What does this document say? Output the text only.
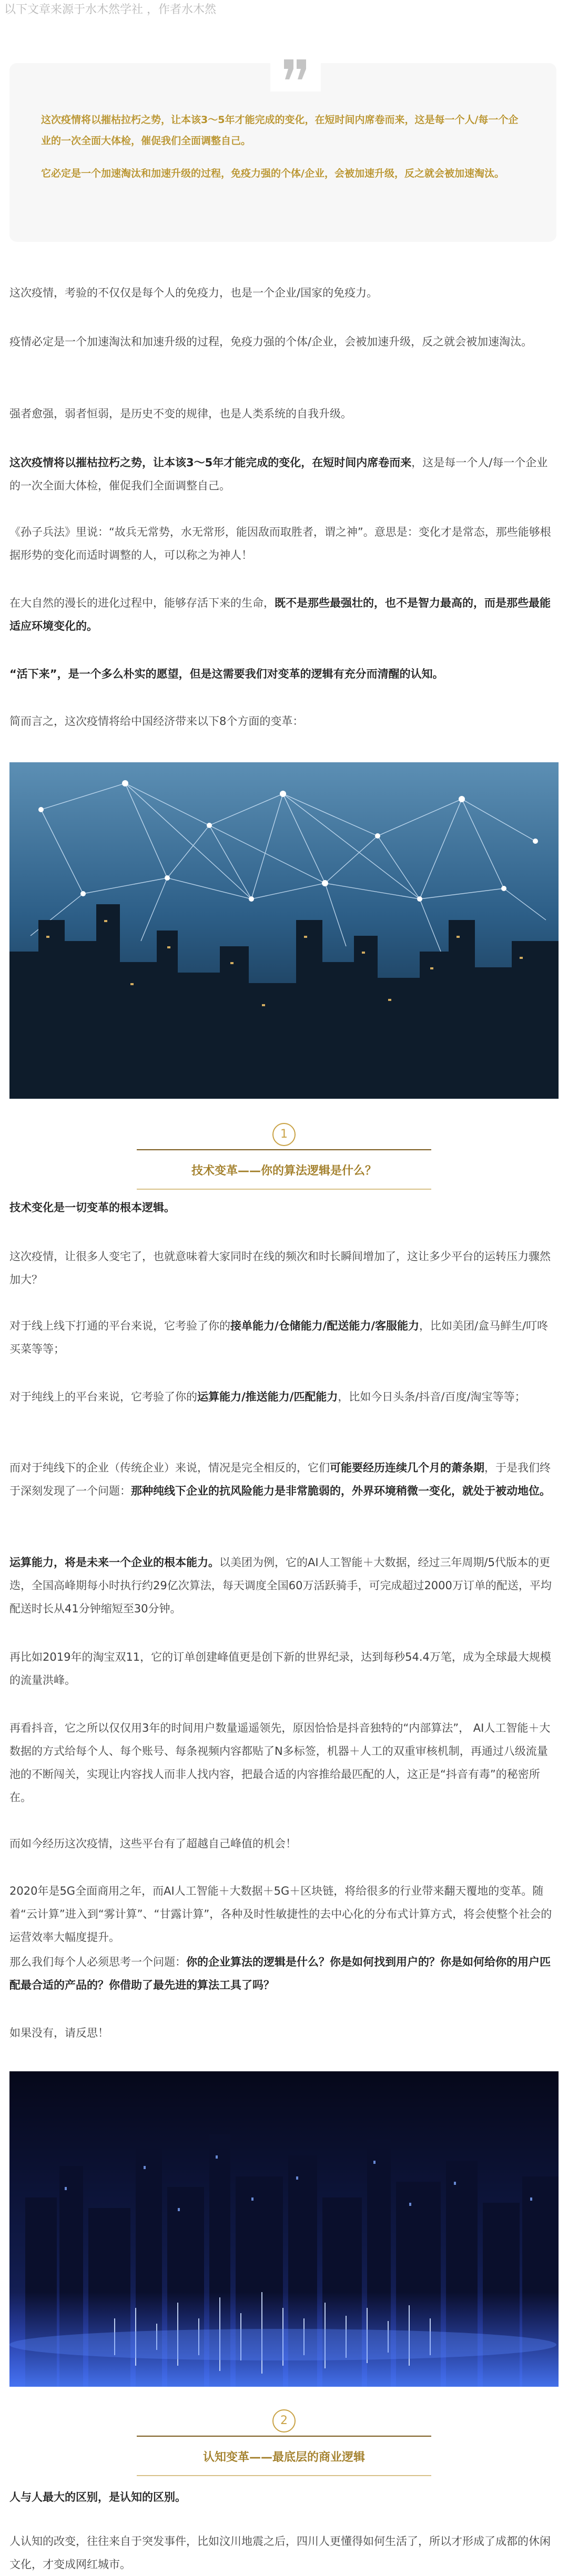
以下文章来源于水木然学社 ，作者水木然

这次疫情将以摧枯拉朽之势，让本该3～5年才能完成的变化，在短时间内席卷而来，这是每一个人/每一个企业的一次全面大体检，催促我们全面调整自己。

它必定是一个加速淘汰和加速升级的过程，免疫力强的个体/企业，会被加速升级，反之就会被加速淘汰。

这次疫情，考验的不仅仅是每个人的免疫力，也是一个企业/国家的免疫力。

疫情必定是一个加速淘汰和加速升级的过程，免疫力强的个体/企业，会被加速升级，反之就会被加速淘汰。

强者愈强，弱者恒弱，是历史不变的规律，也是人类系统的自我升级。

这次疫情将以摧枯拉朽之势，让本该3～5年才能完成的变化，在短时间内席卷而来，这是每一个人/每一个企业的一次全面大体检，催促我们全面调整自己。

《孙子兵法》里说：“故兵无常势，水无常形，能因敌而取胜者，谓之神”。意思是：变化才是常态，那些能够根据形势的变化而适时调整的人，可以称之为神人！

在大自然的漫长的进化过程中，能够存活下来的生命，既不是那些最强壮的，也不是智力最高的，而是那些最能适应环境变化的。

“活下来”，是一个多么朴实的愿望，但是这需要我们对变革的逻辑有充分而清醒的认知。

简而言之，这次疫情将给中国经济带来以下8个方面的变革：

1

技术变革——你的算法逻辑是什么？

技术变化是一切变革的根本逻辑。

这次疫情，让很多人变宅了，也就意味着大家同时在线的频次和时长瞬间增加了，这让多少平台的运转压力骤然加大？

对于线上线下打通的平台来说，它考验了你的接单能力/仓储能力/配送能力/客服能力，比如美团/盒马鲜生/叮咚买菜等等；

对于纯线上的平台来说，它考验了你的运算能力/推送能力/匹配能力，比如今日头条/抖音/百度/淘宝等等；

而对于纯线下的企业（传统企业）来说，情况是完全相反的，它们可能要经历连续几个月的萧条期，于是我们终于深刻发现了一个问题：那种纯线下企业的抗风险能力是非常脆弱的，外界环境稍微一变化，就处于被动地位。

运算能力，将是未来一个企业的根本能力。以美团为例，它的AI人工智能＋大数据，经过三年周期/5代版本的更迭，全国高峰期每小时执行约29亿次算法，每天调度全国60万活跃骑手，可完成超过2000万订单的配送，平均配送时长从41分钟缩短至30分钟。

再比如2019年的淘宝双11，它的订单创建峰值更是创下新的世界纪录，达到每秒54.4万笔，成为全球最大规模的流量洪峰。

再看抖音，它之所以仅仅用3年的时间用户数量遥遥领先，原因恰恰是抖音独特的“内部算法”， AI人工智能＋大数据的方式给每个人、每个账号、每条视频内容都贴了N多标签，机器＋人工的双重审核机制，再通过八级流量池的不断闯关，实现让内容找人而非人找内容，把最合适的内容推给最匹配的人，这正是“抖音有毒”的秘密所在。

而如今经历这次疫情，这些平台有了超越自己峰值的机会！

2020年是5G全面商用之年，而AI人工智能＋大数据＋5G＋区块链，将给很多的行业带来翻天覆地的变革。随着“云计算”进入到“雾计算”、“甘露计算”，各种及时性敏捷性的去中心化的分布式计算方式，将会使整个社会的运营效率大幅度提升。

那么我们每个人必须思考一个问题：你的企业算法的逻辑是什么？你是如何找到用户的？你是如何给你的用户匹配最合适的产品的？你借助了最先进的算法工具了吗？

如果没有，请反思！

2

认知变革——最底层的商业逻辑

人与人最大的区别，是认知的区别。

人认知的改变，往往来自于突发事件，比如汶川地震之后，四川人更懂得如何生活了，所以才形成了成都的休闲文化，才变成网红城市。
